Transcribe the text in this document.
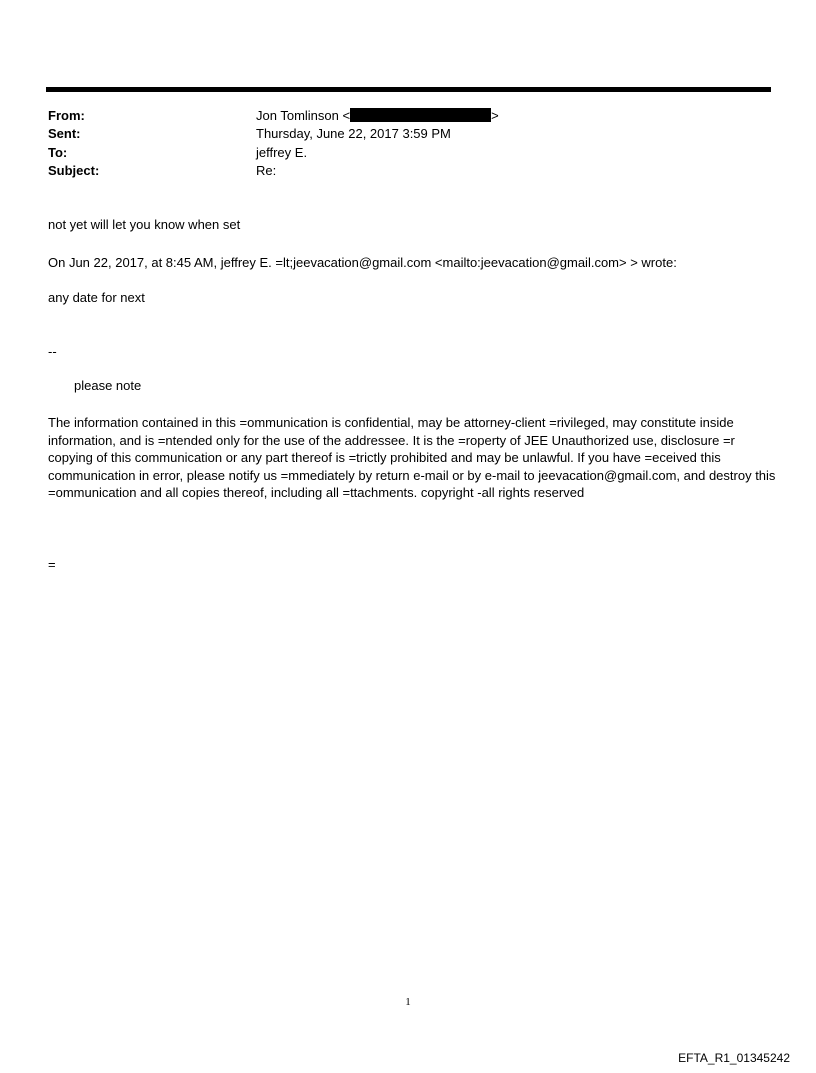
From:	Jon Tomlinson <	>
Sent:	Thursday, June 22, 2017 3:59 PM
To:	jeffrey E.
Subject:	Re:
not yet will let you know when set
On Jun 22, 2017, at 8:45 AM, jeffrey E. =lt;jeevacation@gmail.com <mailto:jeevacation@gmail.com> > wrote:
any date for next
--
please note
The information contained in this =ommunication is confidential, may be attorney-client =rivileged, may constitute inside information, and is =ntended only for the use of the addressee. It is the =roperty of JEE Unauthorized use, disclosure =r copying of this communication or any part thereof is =trictly prohibited and may be unlawful. If you have =eceived this communication in error, please notify us =mmediately by return e-mail or by e-mail to jeevacation@gmail.com, and destroy this =ommunication and all copies thereof, including all =ttachments. copyright -all rights reserved
=
1
EFTA_R1_01345242
